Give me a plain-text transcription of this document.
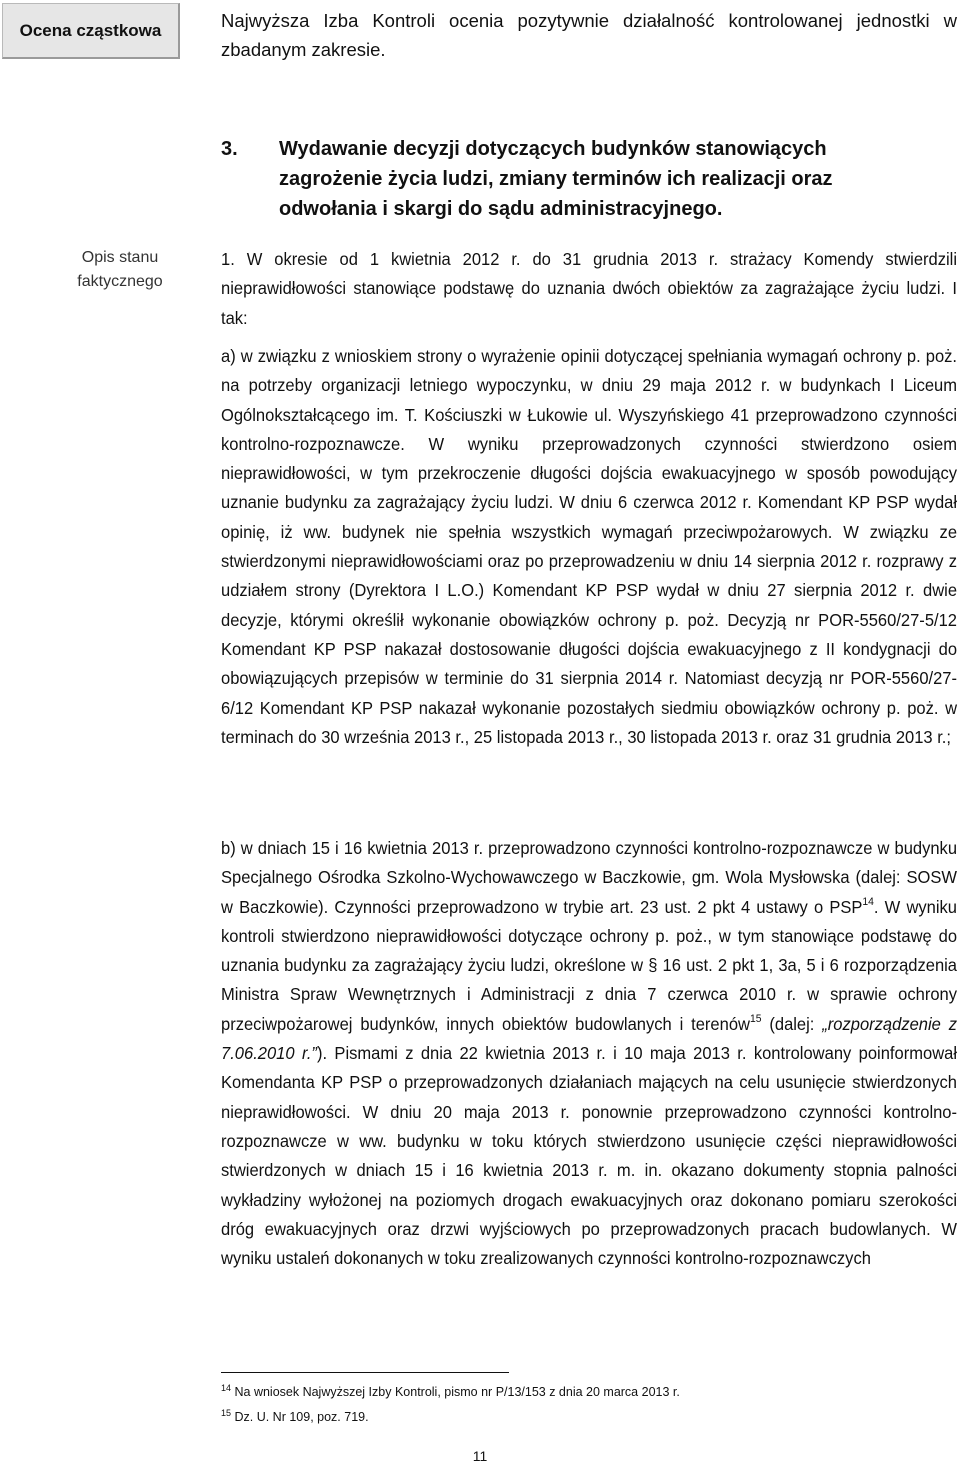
Ocena cząstkowa
Opis stanu
faktycznego
Najwyższa Izba Kontroli ocenia pozytywnie działalność kontrolowanej jednostki w zbadanym zakresie.
3. Wydawanie decyzji dotyczących budynków stanowiących
zagrożenie życia ludzi, zmiany terminów ich realizacji oraz
odwołania i skargi do sądu administracyjnego.
1. W okresie od 1 kwietnia 2012 r. do 31 grudnia 2013 r. strażacy Komendy stwierdzili nieprawidłowości stanowiące podstawę do uznania dwóch obiektów za zagrażające życiu ludzi. I tak:
a) w związku z wnioskiem strony o wyrażenie opinii dotyczącej spełniania wymagań ochrony p. poż. na potrzeby organizacji letniego wypoczynku, w dniu 29 maja 2012 r. w budynkach I Liceum Ogólnokształcącego im. T. Kościuszki w Łukowie ul. Wyszyńskiego 41 przeprowadzono czynności kontrolno-rozpoznawcze. W wyniku przeprowadzonych czynności stwierdzono osiem nieprawidłowości, w tym przekroczenie długości dojścia ewakuacyjnego w sposób powodujący uznanie budynku za zagrażający życiu ludzi. W dniu 6 czerwca 2012 r. Komendant KP PSP wydał opinię, iż ww. budynek nie spełnia wszystkich wymagań przeciwpożarowych. W związku ze stwierdzonymi nieprawidłowościami oraz po przeprowadzeniu w dniu 14 sierpnia 2012 r. rozprawy z udziałem strony (Dyrektora I L.O.) Komendant KP PSP wydał w dniu 27 sierpnia 2012 r. dwie decyzje, którymi określił wykonanie obowiązków ochrony p. poż. Decyzją nr POR-5560/27-5/12 Komendant KP PSP nakazał dostosowanie długości dojścia ewakuacyjnego z II kondygnacji do obowiązujących przepisów w terminie do 31 sierpnia 2014 r. Natomiast decyzją nr POR-5560/27-6/12 Komendant KP PSP nakazał wykonanie pozostałych siedmiu obowiązków ochrony p. poż. w terminach do 30 września 2013 r., 25 listopada 2013 r., 30 listopada 2013 r. oraz 31 grudnia 2013 r.;
b) w dniach 15 i 16 kwietnia 2013 r. przeprowadzono czynności kontrolno-rozpoznawcze w budynku Specjalnego Ośrodka Szkolno-Wychowawczego w Baczkowie, gm. Wola Mysłowska (dalej: SOSW w Baczkowie). Czynności przeprowadzono w trybie art. 23 ust. 2 pkt 4 ustawy o PSP$^{14}$. W wyniku kontroli stwierdzono nieprawidłowości dotyczące ochrony p. poż., w tym stanowiące podstawę do uznania budynku za zagrażający życiu ludzi, określone w § 16 ust. 2 pkt 1, 3a, 5 i 6 rozporządzenia Ministra Spraw Wewnętrznych i Administracji z dnia 7 czerwca 2010 r. w sprawie ochrony przeciwpożarowej budynków, innych obiektów budowlanych i terenów$^{15}$ (dalej: „rozporządzenie z 7.06.2010 r.”). Pismami z dnia 22 kwietnia 2013 r. i 10 maja 2013 r. kontrolowany poinformował Komendanta KP PSP o przeprowadzonych działaniach mających na celu usunięcie stwierdzonych nieprawidłowości. W dniu 20 maja 2013 r. ponownie przeprowadzono czynności kontrolno-rozpoznawcze w ww. budynku w toku których stwierdzono usunięcie części nieprawidłowości stwierdzonych w dniach 15 i 16 kwietnia 2013 r. m. in. okazano dokumenty stopnia palności wykładziny wyłożonej na poziomych drogach ewakuacyjnych oraz dokonano pomiaru szerokości dróg ewakuacyjnych oraz drzwi wyjściowych po przeprowadzonych pracach budowlanych. W wyniku ustaleń dokonanych w toku zrealizowanych czynności kontrolno-rozpoznawczych
$^{14}$ Na wniosek Najwyższej Izby Kontroli, pismo nr P/13/153 z dnia 20 marca 2013 r.
$^{15}$ Dz. U. Nr 109, poz. 719.
11
